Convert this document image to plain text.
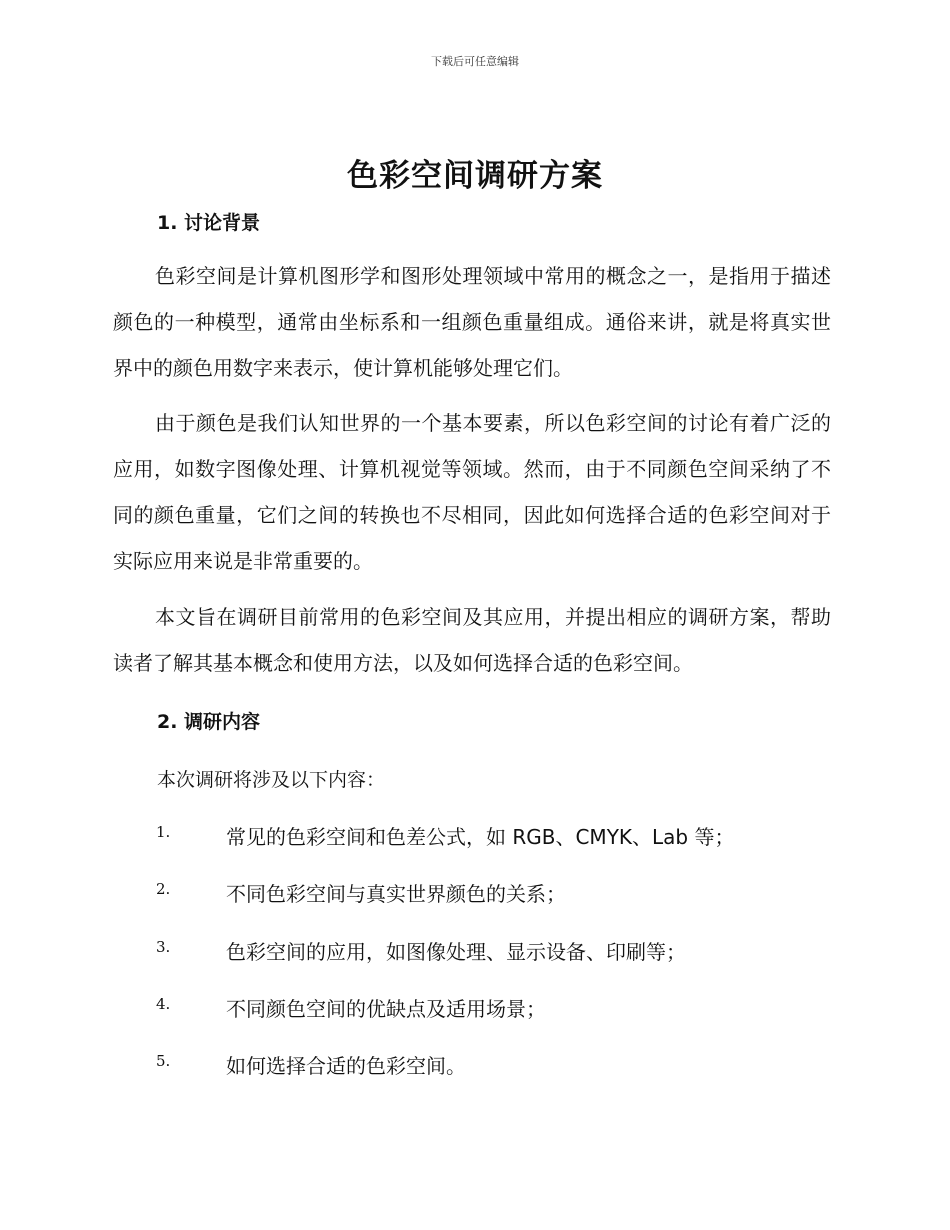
下载后可任意编辑
色彩空间调研方案
1. 讨论背景

色彩空间是计算机图形学和图形处理领域中常用的概念之一，是指用于描述颜色的一种模型，通常由坐标系和一组颜色重量组成。通俗来讲，就是将真实世界中的颜色用数字来表示，使计算机能够处理它们。

由于颜色是我们认知世界的一个基本要素，所以色彩空间的讨论有着广泛的应用，如数字图像处理、计算机视觉等领域。然而，由于不同颜色空间采纳了不同的颜色重量，它们之间的转换也不尽相同，因此如何选择合适的色彩空间对于实际应用来说是非常重要的。

本文旨在调研目前常用的色彩空间及其应用，并提出相应的调研方案，帮助读者了解其基本概念和使用方法，以及如何选择合适的色彩空间。

2. 调研内容
本次调研将涉及以下内容：
1.	常见的色彩空间和色差公式，如 RGB、CMYK、Lab 等；
2.	不同色彩空间与真实世界颜色的关系；
3.	色彩空间的应用，如图像处理、显示设备、印刷等；
4.	不同颜色空间的优缺点及适用场景；
5.	如何选择合适的色彩空间。
